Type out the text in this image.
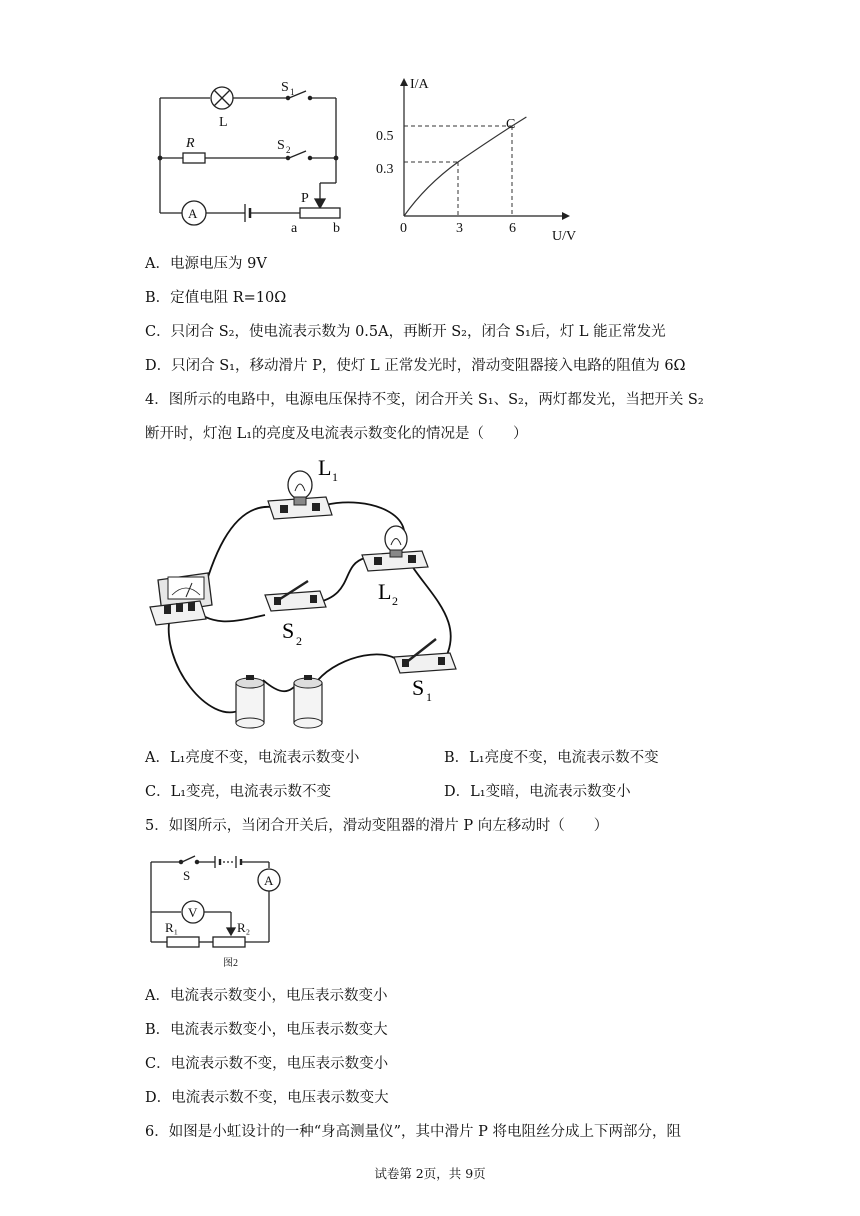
S 1
L
R	S 2
A
P
a	b
I/A
U/V
C
0.5
0.3
0	3	6
A．电源电压为 9V
B．定值电阻 R=10Ω
C．只闭合 S₂，使电流表示数为 0.5A，再断开 S₂，闭合 S₁后，灯 L 能正常发光
D．只闭合 S₁，移动滑片 P，使灯 L 正常发光时，滑动变阻器接入电路的阻值为 6Ω
4．图所示的电路中，电源电压保持不变，闭合开关 S₁、S₂，两灯都发光，当把开关 S₂
断开时，灯泡 L₁的亮度及电流表示数变化的情况是（　　）
L 1
L 2
S 2
S 1
A．L₁亮度不变，电流表示数变小	B．L₁亮度不变，电流表示数不变
C．L₁变亮，电流表示数不变	D．L₁变暗，电流表示数变小
5．如图所示，当闭合开关后，滑动变阻器的滑片 P 向左移动时（　　）
S
V
A
R₁	R₂
图2
A．电流表示数变小，电压表示数变小
B．电流表示数变小，电压表示数变大
C．电流表示数不变，电压表示数变小
D．电流表示数不变，电压表示数变大
6．如图是小虹设计的一种“身高测量仪”，其中滑片 P 将电阻丝分成上下两部分，阻
试卷第 2页，共 9页
